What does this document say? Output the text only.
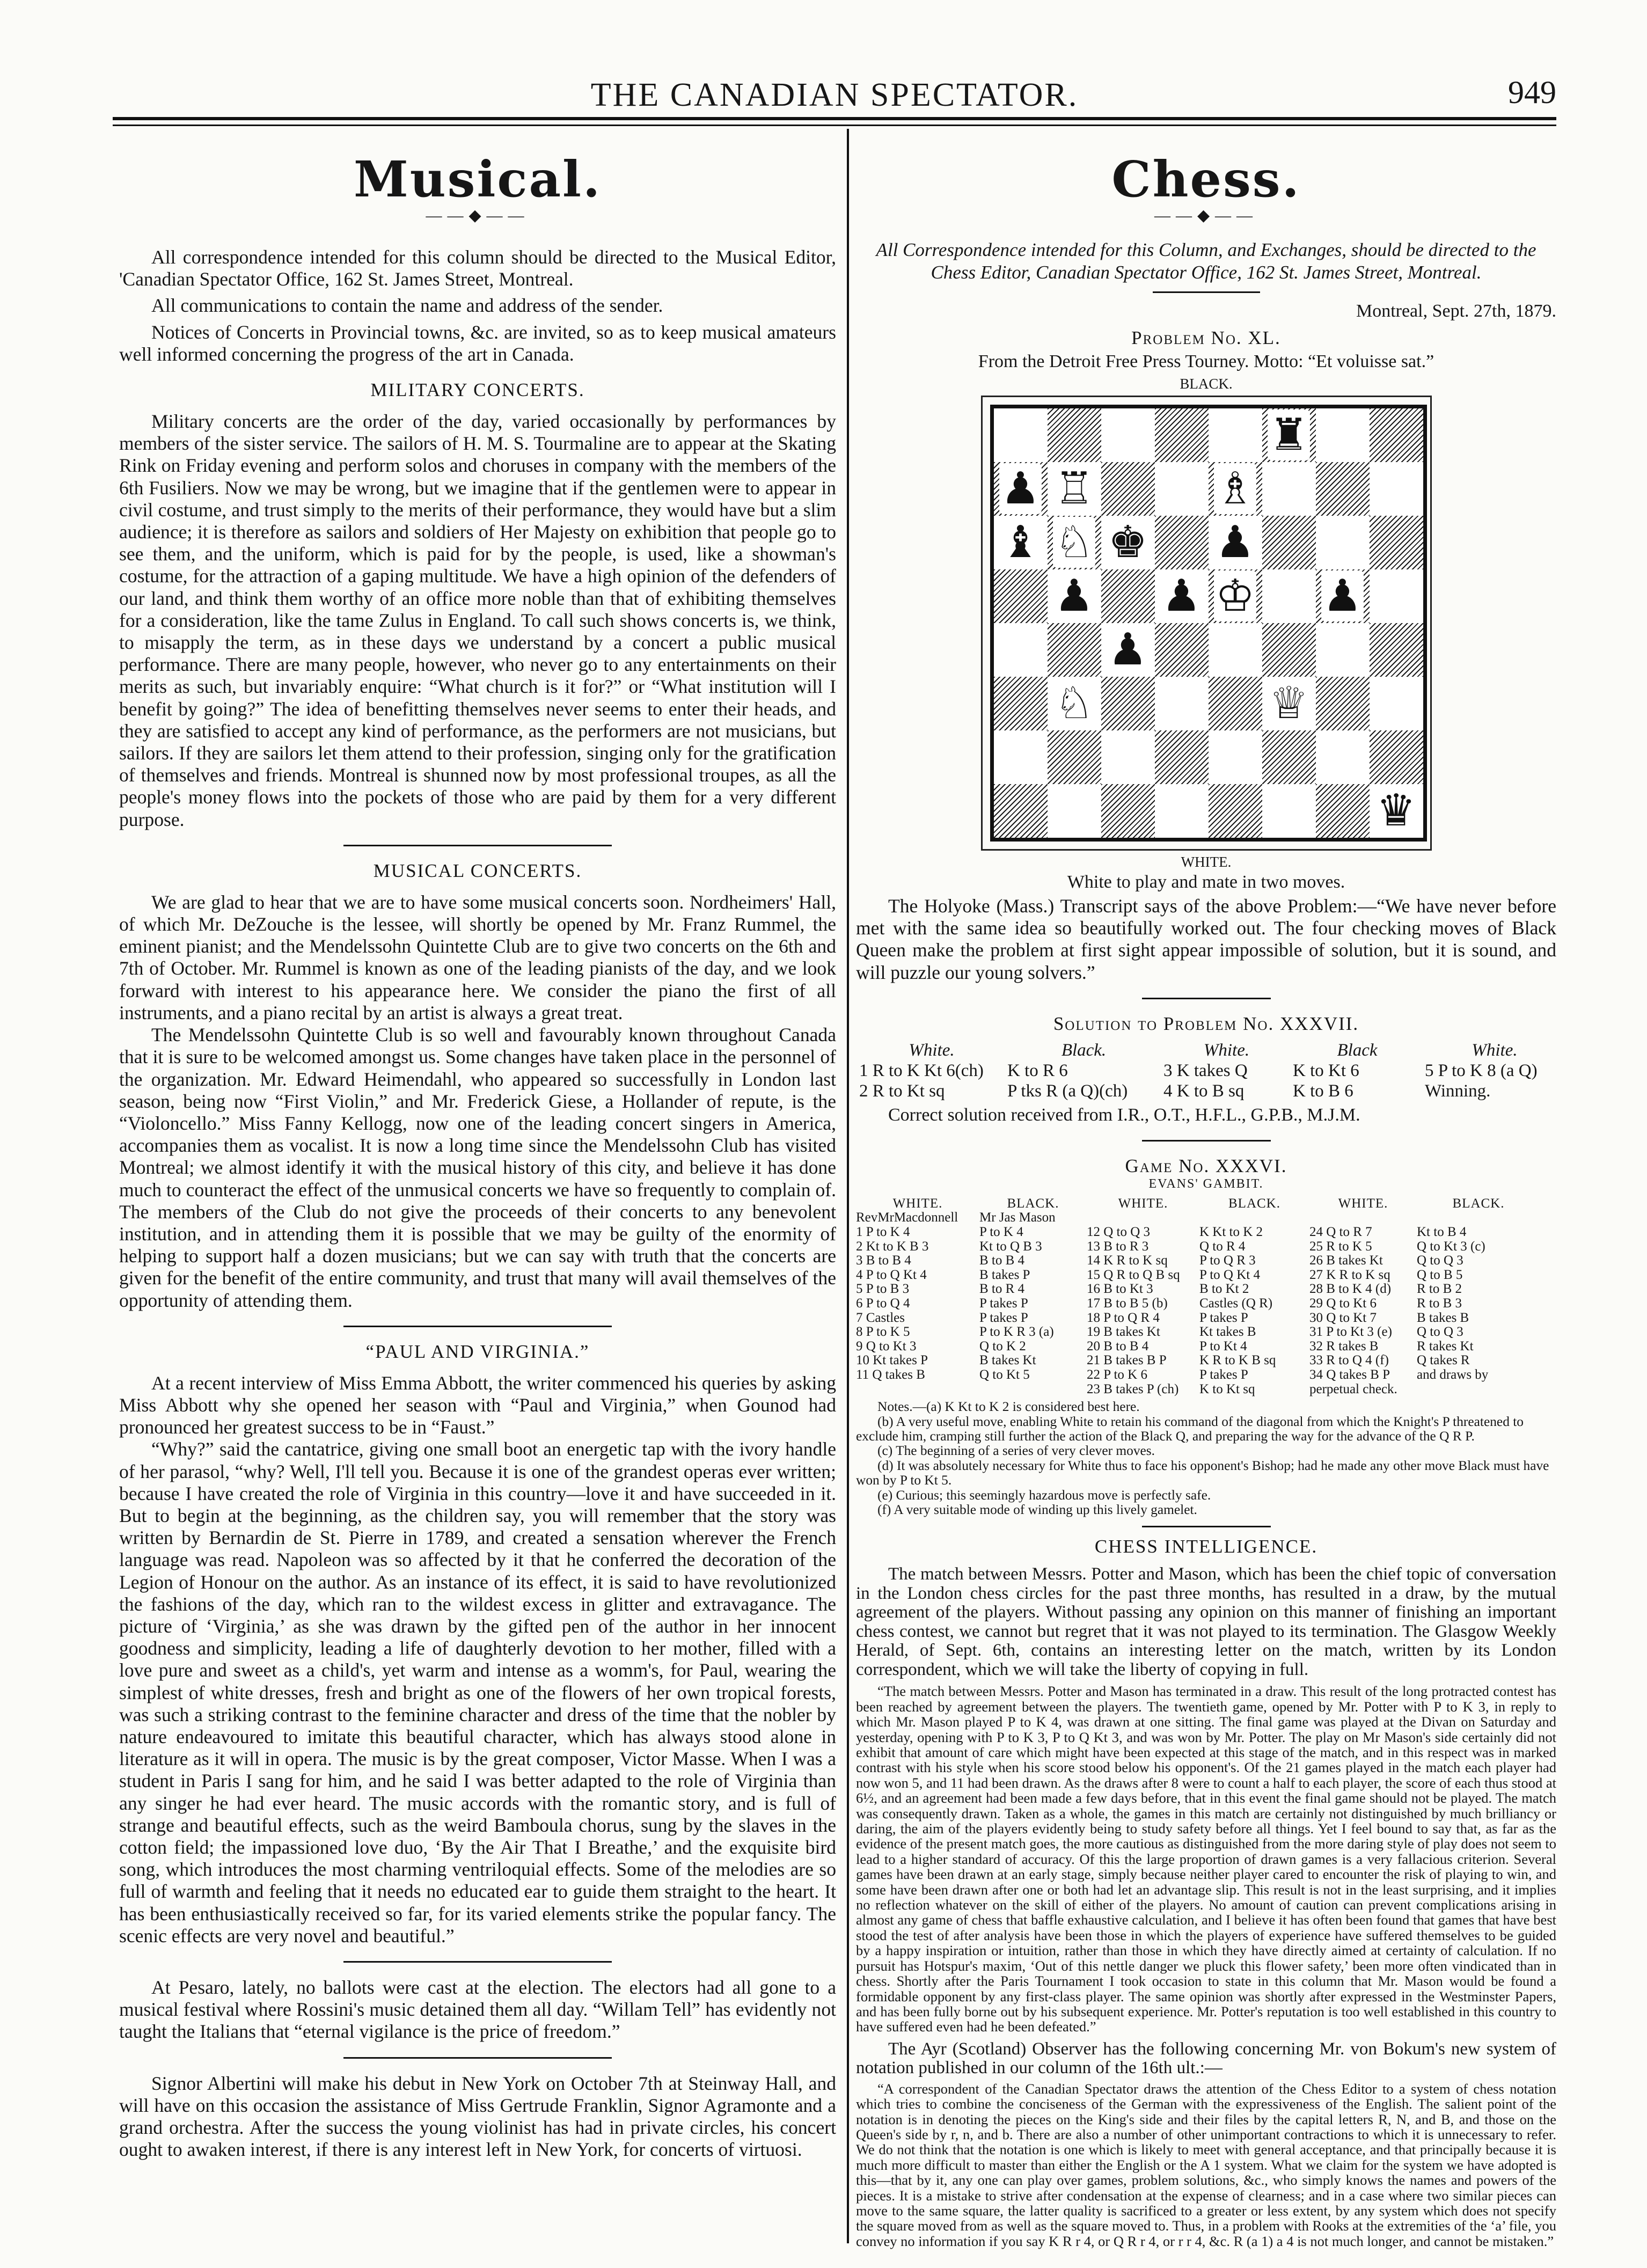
THE CANADIAN SPECTATOR.	949
Musical.
——◆——

All correspondence intended for this column should be directed to the Musical Editor, 'Canadian Spectator Office, 162 St. James Street, Montreal.

All communications to contain the name and address of the sender.

Notices of Concerts in Provincial towns, &c. are invited, so as to keep musical amateurs well informed concerning the progress of the art in Canada.

MILITARY CONCERTS.

Military concerts are the order of the day, varied occasionally by performances by members of the sister service. The sailors of H. M. S. Tourmaline are to appear at the Skating Rink on Friday evening and perform solos and choruses in company with the members of the 6th Fusiliers. Now we may be wrong, but we imagine that if the gentlemen were to appear in civil costume, and trust simply to the merits of their performance, they would have but a slim audience; it is therefore as sailors and soldiers of Her Majesty on exhibition that people go to see them, and the uniform, which is paid for by the people, is used, like a showman's costume, for the attraction of a gaping multitude. We have a high opinion of the defenders of our land, and think them worthy of an office more noble than that of exhibiting themselves for a consideration, like the tame Zulus in England. To call such shows concerts is, we think, to misapply the term, as in these days we understand by a concert a public musical performance. There are many people, however, who never go to any entertainments on their merits as such, but invariably enquire: “What church is it for?” or “What institution will I benefit by going?” The idea of benefitting themselves never seems to enter their heads, and they are satisfied to accept any kind of performance, as the performers are not musicians, but sailors. If they are sailors let them attend to their profession, singing only for the gratification of themselves and friends. Montreal is shunned now by most professional troupes, as all the people's money flows into the pockets of those who are paid by them for a very different purpose.

MUSICAL CONCERTS.

We are glad to hear that we are to have some musical concerts soon. Nordheimers' Hall, of which Mr. DeZouche is the lessee, will shortly be opened by Mr. Franz Rummel, the eminent pianist; and the Mendelssohn Quintette Club are to give two concerts on the 6th and 7th of October. Mr. Rummel is known as one of the leading pianists of the day, and we look forward with interest to his appearance here. We consider the piano the first of all instruments, and a piano recital by an artist is always a great treat.

The Mendelssohn Quintette Club is so well and favourably known throughout Canada that it is sure to be welcomed amongst us. Some changes have taken place in the personnel of the organization. Mr. Edward Heimendahl, who appeared so successfully in London last season, being now “First Violin,” and Mr. Frederick Giese, a Hollander of repute, is the “Violoncello.” Miss Fanny Kellogg, now one of the leading concert singers in America, accompanies them as vocalist. It is now a long time since the Mendelssohn Club has visited Montreal; we almost identify it with the musical history of this city, and believe it has done much to counteract the effect of the unmusical concerts we have so frequently to complain of. The members of the Club do not give the proceeds of their concerts to any benevolent institution, and in attending them it is possible that we may be guilty of the enormity of helping to support half a dozen musicians; but we can say with truth that the concerts are given for the benefit of the entire community, and trust that many will avail themselves of the opportunity of attending them.

“PAUL AND VIRGINIA.”

At a recent interview of Miss Emma Abbott, the writer commenced his queries by asking Miss Abbott why she opened her season with “Paul and Virginia,” when Gounod had pronounced her greatest success to be in “Faust.”

“Why?” said the cantatrice, giving one small boot an energetic tap with the ivory handle of her parasol, “why? Well, I'll tell you. Because it is one of the grandest operas ever written; because I have created the role of Virginia in this country—love it and have succeeded in it. But to begin at the beginning, as the children say, you will remember that the story was written by Bernardin de St. Pierre in 1789, and created a sensation wherever the French language was read. Napoleon was so affected by it that he conferred the decoration of the Legion of Honour on the author. As an instance of its effect, it is said to have revolutionized the fashions of the day, which ran to the wildest excess in glitter and extravagance. The picture of ‘Virginia,’ as she was drawn by the gifted pen of the author in her innocent goodness and simplicity, leading a life of daughterly devotion to her mother, filled with a love pure and sweet as a child's, yet warm and intense as a womm's, for Paul, wearing the simplest of white dresses, fresh and bright as one of the flowers of her own tropical forests, was such a striking contrast to the feminine character and dress of the time that the nobler by nature endeavoured to imitate this beautiful character, which has always stood alone in literature as it will in opera. The music is by the great composer, Victor Masse. When I was a student in Paris I sang for him, and he said I was better adapted to the role of Virginia than any singer he had ever heard. The music accords with the romantic story, and is full of strange and beautiful effects, such as the weird Bamboula chorus, sung by the slaves in the cotton field; the impassioned love duo, ‘By the Air That I Breathe,’ and the exquisite bird song, which introduces the most charming ventriloquial effects. Some of the melodies are so full of warmth and feeling that it needs no educated ear to guide them straight to the heart. It has been enthusiastically received so far, for its varied elements strike the popular fancy. The scenic effects are very novel and beautiful.”

At Pesaro, lately, no ballots were cast at the election. The electors had all gone to a musical festival where Rossini's music detained them all day. “Willam Tell” has evidently not taught the Italians that “eternal vigilance is the price of freedom.”

Signor Albertini will make his debut in New York on October 7th at Steinway Hall, and will have on this occasion the assistance of Miss Gertrude Franklin, Signor Agramonte and a grand orchestra. After the success the young violinist has had in private circles, his concert ought to awaken interest, if there is any interest left in New York, for concerts of virtuosi.

Chess.
——◆——

All Correspondence intended for this Column, and Exchanges, should be directed to the Chess Editor, Canadian Spectator Office, 162 St. James Street, Montreal.

Montreal, Sept. 27th, 1879.
Problem No. XL.
From the Detroit Free Press Tourney. Motto: “Et voluisse sat.”
BLACK.
♜
♟ ♖	♗
♝ ♘ ♚ ♟
♟ ♟ ♔ ♟
♟
♘	♕
♛
WHITE.
White to play and mate in two moves.

The Holyoke (Mass.) Transcript says of the above Problem:—“We have never before met with the same idea so beautifully worked out. The four checking moves of Black Queen make the problem at first sight appear impossible of solution, but it is sound, and will puzzle our young solvers.”

Solution to Problem No. XXXVII.
White.	Black.	White.	Black	White.
1 R to K Kt 6(ch)	K to R 6	3 K takes Q	K to Kt 6	5 P to K 8 (a Q)
2 R to Kt sq	P tks R (a Q)(ch)	4 K to B sq	K to B 6	Winning.
Correct solution received from I.R., O.T., H.F.L., G.P.B., M.J.M.
Game No. XXXVI.
EVANS' GAMBIT.
WHITE.	BLACK.	WHITE.	BLACK.	WHITE.	BLACK.
RevMrMacdonnell	Mr Jas Mason
1 P to K 4	P to K 4	12 Q to Q 3	K Kt to K 2	24 Q to R 7	Kt to B 4
2 Kt to K B 3	Kt to Q B 3	13 B to R 3	Q to R 4	25 R to K 5	Q to Kt 3 (c)
3 B to B 4	B to B 4	14 K R to K sq	P to Q R 3	26 B takes Kt	Q to Q 3
4 P to Q Kt 4	B takes P	15 Q R to Q B sq	P to Q Kt 4	27 K R to K sq	Q to B 5
5 P to B 3	B to R 4	16 B to Kt 3	B to Kt 2	28 B to K 4 (d)	R to B 2
6 P to Q 4	P takes P	17 B to B 5 (b)	Castles (Q R)	29 Q to Kt 6	R to B 3
7 Castles	P takes P	18 P to Q R 4	P takes P	30 Q to Kt 7	B takes B
8 P to K 5	P to K R 3 (a)	19 B takes Kt	Kt takes B	31 P to Kt 3 (e)	Q to Q 3
9 Q to Kt 3	Q to K 2	20 B to B 4	P to Kt 4	32 R takes B	R takes Kt
10 Kt takes P	B takes Kt	21 B takes B P	K R to K B sq	33 R to Q 4 (f)	Q takes R
11 Q takes B	Q to Kt 5	22 P to K 6	P takes P	34 Q takes B P	and draws by
23 B takes P (ch)	K to Kt sq	perpetual check.
Notes.—(a) K Kt to K 2 is considered best here.
(b) A very useful move, enabling White to retain his command of the diagonal from which the Knight's P threatened to exclude him, cramping still further the action of the Black Q, and preparing the way for the advance of the Q R P.
(c) The beginning of a series of very clever moves.
(d) It was absolutely necessary for White thus to face his opponent's Bishop; had he made any other move Black must have won by P to Kt 5.
(e) Curious; this seemingly hazardous move is perfectly safe.
(f) A very suitable mode of winding up this lively gamelet.
CHESS INTELLIGENCE.

The match between Messrs. Potter and Mason, which has been the chief topic of conversation in the London chess circles for the past three months, has resulted in a draw, by the mutual agreement of the players. Without passing any opinion on this manner of finishing an important chess contest, we cannot but regret that it was not played to its termination. The Glasgow Weekly Herald, of Sept. 6th, contains an interesting letter on the match, written by its London correspondent, which we will take the liberty of copying in full.

“The match between Messrs. Potter and Mason has terminated in a draw. This result of the long protracted contest has been reached by agreement between the players. The twentieth game, opened by Mr. Potter with P to K 3, in reply to which Mr. Mason played P to K 4, was drawn at one sitting. The final game was played at the Divan on Saturday and yesterday, opening with P to K 3, P to Q Kt 3, and was won by Mr. Potter. The play on Mr Mason's side certainly did not exhibit that amount of care which might have been expected at this stage of the match, and in this respect was in marked contrast with his style when his score stood below his opponent's. Of the 21 games played in the match each player had now won 5, and 11 had been drawn. As the draws after 8 were to count a half to each player, the score of each thus stood at 6½, and an agreement had been made a few days before, that in this event the final game should not be played. The match was consequently drawn. Taken as a whole, the games in this match are certainly not distinguished by much brilliancy or daring, the aim of the players evidently being to study safety before all things. Yet I feel bound to say that, as far as the evidence of the present match goes, the more cautious as distinguished from the more daring style of play does not seem to lead to a higher standard of accuracy. Of this the large proportion of drawn games is a very fallacious criterion. Several games have been drawn at an early stage, simply because neither player cared to encounter the risk of playing to win, and some have been drawn after one or both had let an advantage slip. This result is not in the least surprising, and it implies no reflection whatever on the skill of either of the players. No amount of caution can prevent complications arising in almost any game of chess that baffle exhaustive calculation, and I believe it has often been found that games that have best stood the test of after analysis have been those in which the players of experience have suffered themselves to be guided by a happy inspiration or intuition, rather than those in which they have directly aimed at certainty of calculation. If no pursuit has Hotspur's maxim, ‘Out of this nettle danger we pluck this flower safety,’ been more often vindicated than in chess. Shortly after the Paris Tournament I took occasion to state in this column that Mr. Mason would be found a formidable opponent by any first-class player. The same opinion was shortly after expressed in the Westminster Papers, and has been fully borne out by his subsequent experience. Mr. Potter's reputation is too well established in this country to have suffered even had he been defeated.”

The Ayr (Scotland) Observer has the following concerning Mr. von Bokum's new system of notation published in our column of the 16th ult.:—

“A correspondent of the Canadian Spectator draws the attention of the Chess Editor to a system of chess notation which tries to combine the conciseness of the German with the expressiveness of the English. The salient point of the notation is in denoting the pieces on the King's side and their files by the capital letters R, N, and B, and those on the Queen's side by r, n, and b. There are also a number of other unimportant contractions to which it is unnecessary to refer. We do not think that the notation is one which is likely to meet with general acceptance, and that principally because it is much more difficult to master than either the English or the A 1 system. What we claim for the system we have adopted is this—that by it, any one can play over games, problem solutions, &c., who simply knows the names and powers of the pieces. It is a mistake to strive after condensation at the expense of clearness; and in a case where two similar pieces can move to the same square, the latter quality is sacrificed to a greater or less extent, by any system which does not specify the square moved from as well as the square moved to. Thus, in a problem with Rooks at the extremities of the ‘a’ file, you convey no information if you say K R r 4, or Q R r 4, or r r 4, &c. R (a 1) a 4 is not much longer, and cannot be mistaken.”
